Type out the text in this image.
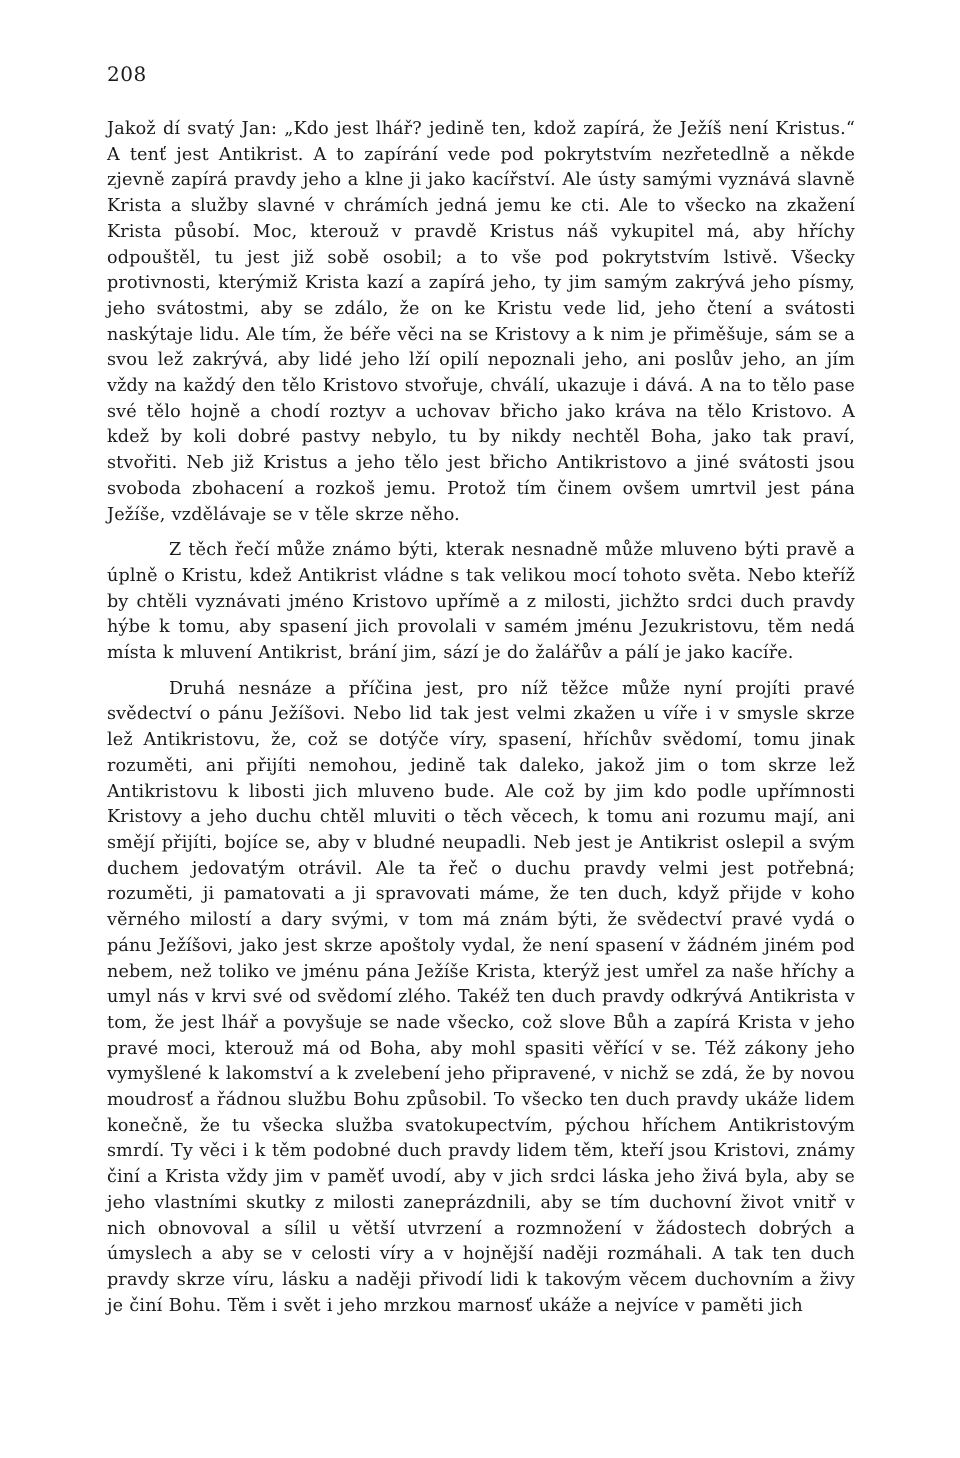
208

Jakož dí svatý Jan: „Kdo jest lhář? jedině ten, kdož zapírá, že Ježíš není Kristus.“ A tenť jest Antikrist. A to zapírání vede pod pokrytstvím nezřetedlně a někde zjevně zapírá pravdy jeho a klne ji jako kacířství. Ale ústy samými vyznává slavně Krista a služby slavné v chrámích jedná jemu ke cti. Ale to všecko na zkažení Krista působí. Moc, kterouž v pravdě Kristus náš vykupitel má, aby hříchy odpouštěl, tu jest již sobě osobil; a to vše pod pokrytstvím lstivě. Všecky protivnosti, kterýmiž Krista kazí a zapírá jeho, ty jim samým zakrývá jeho písmy, jeho svátostmi, aby se zdálo, že on ke Kristu vede lid, jeho čtení a svátosti naskýtaje lidu. Ale tím, že béře věci na se Kristovy a k nim je přiměšuje, sám se a svou lež zakrývá, aby lidé jeho lží opilí nepoznali jeho, ani poslův jeho, an jím vždy na každý den tělo Kristovo stvořuje, chválí, ukazuje i dává. A na to tělo pase své tělo hojně a chodí roztyv a uchovav břicho jako kráva na tělo Kristovo. A kdež by koli dobré pastvy nebylo, tu by nikdy nechtěl Boha, jako tak praví, stvořiti. Neb již Kristus a jeho tělo jest břicho Antikristovo a jiné svátosti jsou svoboda zbohacení a rozkoš jemu. Protož tím činem ovšem umrtvil jest pána Ježíše, vzdělávaje se v těle skrze něho.

Z těch řečí může známo býti, kterak nesnadně může mluveno býti pravě a úplně o Kristu, kdež Antikrist vládne s tak velikou mocí tohoto světa. Nebo kteříž by chtěli vyznávati jméno Kristovo upřímě a z milosti, jichžto srdci duch pravdy hýbe k tomu, aby spasení jich provolali v samém jménu Jezukristovu, těm nedá místa k mluvení Antikrist, brání jim, sází je do žalářův a pálí je jako kacíře.

Druhá nesnáze a příčina jest, pro níž těžce může nyní projíti pravé svědectví o pánu Ježíšovi. Nebo lid tak jest velmi zkažen u víře i v smysle skrze lež Antikristovu, že, což se dotýče víry, spasení, hříchův svědomí, tomu jinak rozuměti, ani přijíti nemohou, jedině tak daleko, jakož jim o tom skrze lež Antikristovu k libosti jich mluveno bude. Ale což by jim kdo podle upřímnosti Kristovy a jeho duchu chtěl mluviti o těch věcech, k tomu ani rozumu mají, ani smějí přijíti, bojíce se, aby v bludné neupadli. Neb jest je Antikrist oslepil a svým duchem jedovatým otrávil. Ale ta řeč o duchu pravdy velmi jest potřebná; rozuměti, ji pamatovati a ji spravovati máme, že ten duch, když přijde v koho věrného milostí a dary svými, v tom má znám býti, že svědectví pravé vydá o pánu Ježíšovi, jako jest skrze apoštoly vydal, že není spasení v žádném jiném pod nebem, než toliko ve jménu pána Ježíše Krista, kterýž jest umřel za naše hříchy a umyl nás v krvi své od svědomí zlého. Takéž ten duch pravdy odkrývá Antikrista v tom, že jest lhář a povyšuje se nade všecko, což slove Bůh a zapírá Krista v jeho pravé moci, kterouž má od Boha, aby mohl spasiti věřící v se. Též zákony jeho vymyšlené k lakomství a k zvelebení jeho připravené, v nichž se zdá, že by novou moudrosť a řádnou službu Bohu způsobil. To všecko ten duch pravdy ukáže lidem konečně, že tu všecka služba svatokupectvím, pýchou hříchem Antikristovým smrdí. Ty věci i k těm podobné duch pravdy lidem těm, kteří jsou Kristovi, známy činí a Krista vždy jim v paměť uvodí, aby v jich srdci láska jeho živá byla, aby se jeho vlastními skutky z milosti zaneprázdnili, aby se tím duchovní život vnitř v nich obnovoval a sílil u větší utvrzení a rozmnožení v žádostech dobrých a úmyslech a aby se v celosti víry a v hojnější naději rozmáhali. A tak ten duch pravdy skrze víru, lásku a naději přivodí lidi k takovým věcem duchovním a živy je činí Bohu. Těm i svět i jeho mrzkou marnosť ukáže a nejvíce v paměti jich
